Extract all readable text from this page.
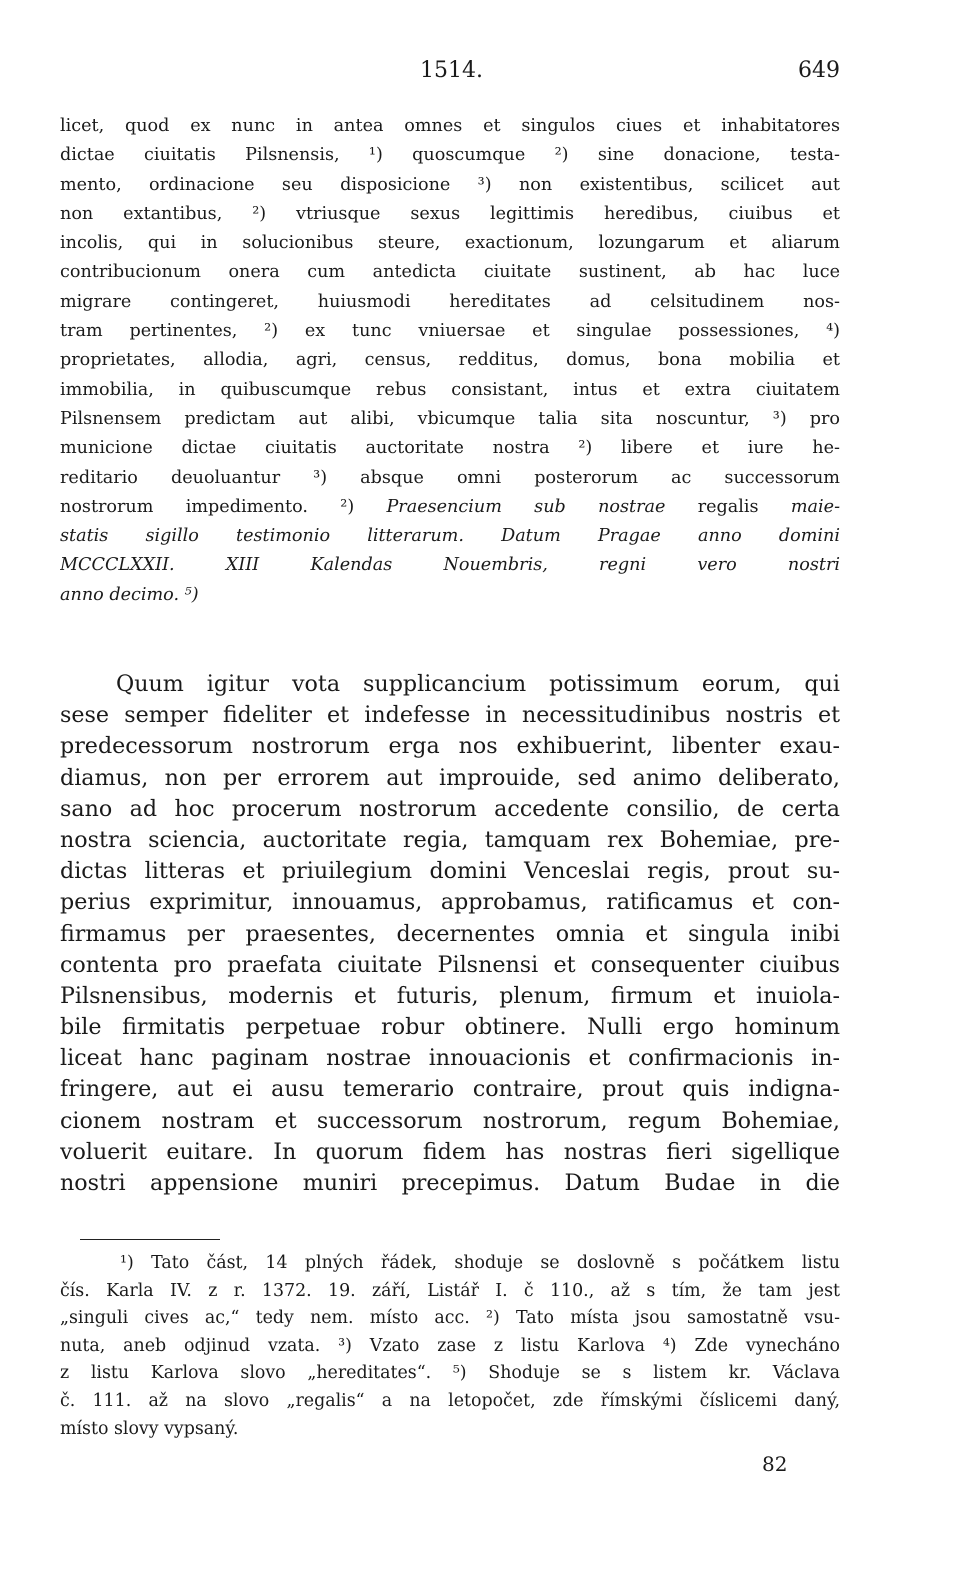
1514.	649
licet, quod ex nunc in antea omnes et singulos ciues et inhabitatores
dictae ciuitatis Pilsnensis, ¹) quoscumque ²) sine donacione, testa-
mento, ordinacione seu disposicione ³) non existentibus, scilicet aut
non extantibus, ²) vtriusque sexus legittimis heredibus, ciuibus et
incolis, qui in solucionibus steure, exactionum, lozungarum et aliarum
contribucionum onera cum antedicta ciuitate sustinent, ab hac luce
migrare contingeret, huiusmodi hereditates ad celsitudinem nos-
tram pertinentes, ²) ex tunc vniuersae et singulae possessiones, ⁴)
proprietates, allodia, agri, census, redditus, domus, bona mobilia et
immobilia, in quibuscumque rebus consistant, intus et extra ciuitatem
Pilsnensem predictam aut alibi, vbicumque talia sita noscuntur, ³) pro
municione dictae ciuitatis auctoritate nostra ²) libere et iure he-
reditario deuoluantur ³) absque omni posterorum ac successorum
nostrorum impedimento. ²) Praesencium sub nostrae regalis maie-
statis sigillo testimonio litterarum. Datum Pragae anno domini
MCCCLXXII. XIII Kalendas Nouembris, regni vero nostri
anno decimo. ⁵)
Quum igitur vota supplicancium potissimum eorum, qui
sese semper fideliter et indefesse in necessitudinibus nostris et
predecessorum nostrorum erga nos exhibuerint, libenter exau-
diamus, non per errorem aut improuide, sed animo deliberato,
sano ad hoc procerum nostrorum accedente consilio, de certa
nostra sciencia, auctoritate regia, tamquam rex Bohemiae, pre-
dictas litteras et priuilegium domini Venceslai regis, prout su-
perius exprimitur, innouamus, approbamus, ratificamus et con-
firmamus per praesentes, decernentes omnia et singula inibi
contenta pro praefata ciuitate Pilsnensi et consequenter ciuibus
Pilsnensibus, modernis et futuris, plenum, firmum et inuiola-
bile firmitatis perpetuae robur obtinere. Nulli ergo hominum
liceat hanc paginam nostrae innouacionis et confirmacionis in-
fringere, aut ei ausu temerario contraire, prout quis indigna-
cionem nostram et successorum nostrorum, regum Bohemiae,
voluerit euitare. In quorum fidem has nostras fieri sigellique
nostri appensione muniri precepimus. Datum Budae in die
¹) Tato část, 14 plných řádek, shoduje se doslovně s počátkem listu
čís. Karla IV. z r. 1372. 19. září, Listář I. č 110., až s tím, že tam jest
„singuli cives ac,“ tedy nem. místo acc. ²) Tato místa jsou samostatně vsu-
nuta, aneb odjinud vzata. ³) Vzato zase z listu Karlova ⁴) Zde vynecháno
z listu Karlova slovo „hereditates“. ⁵) Shoduje se s listem kr. Václava
č. 111. až na slovo „regalis“ a na letopočet, zde římskými číslicemi daný,
místo slovy vypsaný.
82
